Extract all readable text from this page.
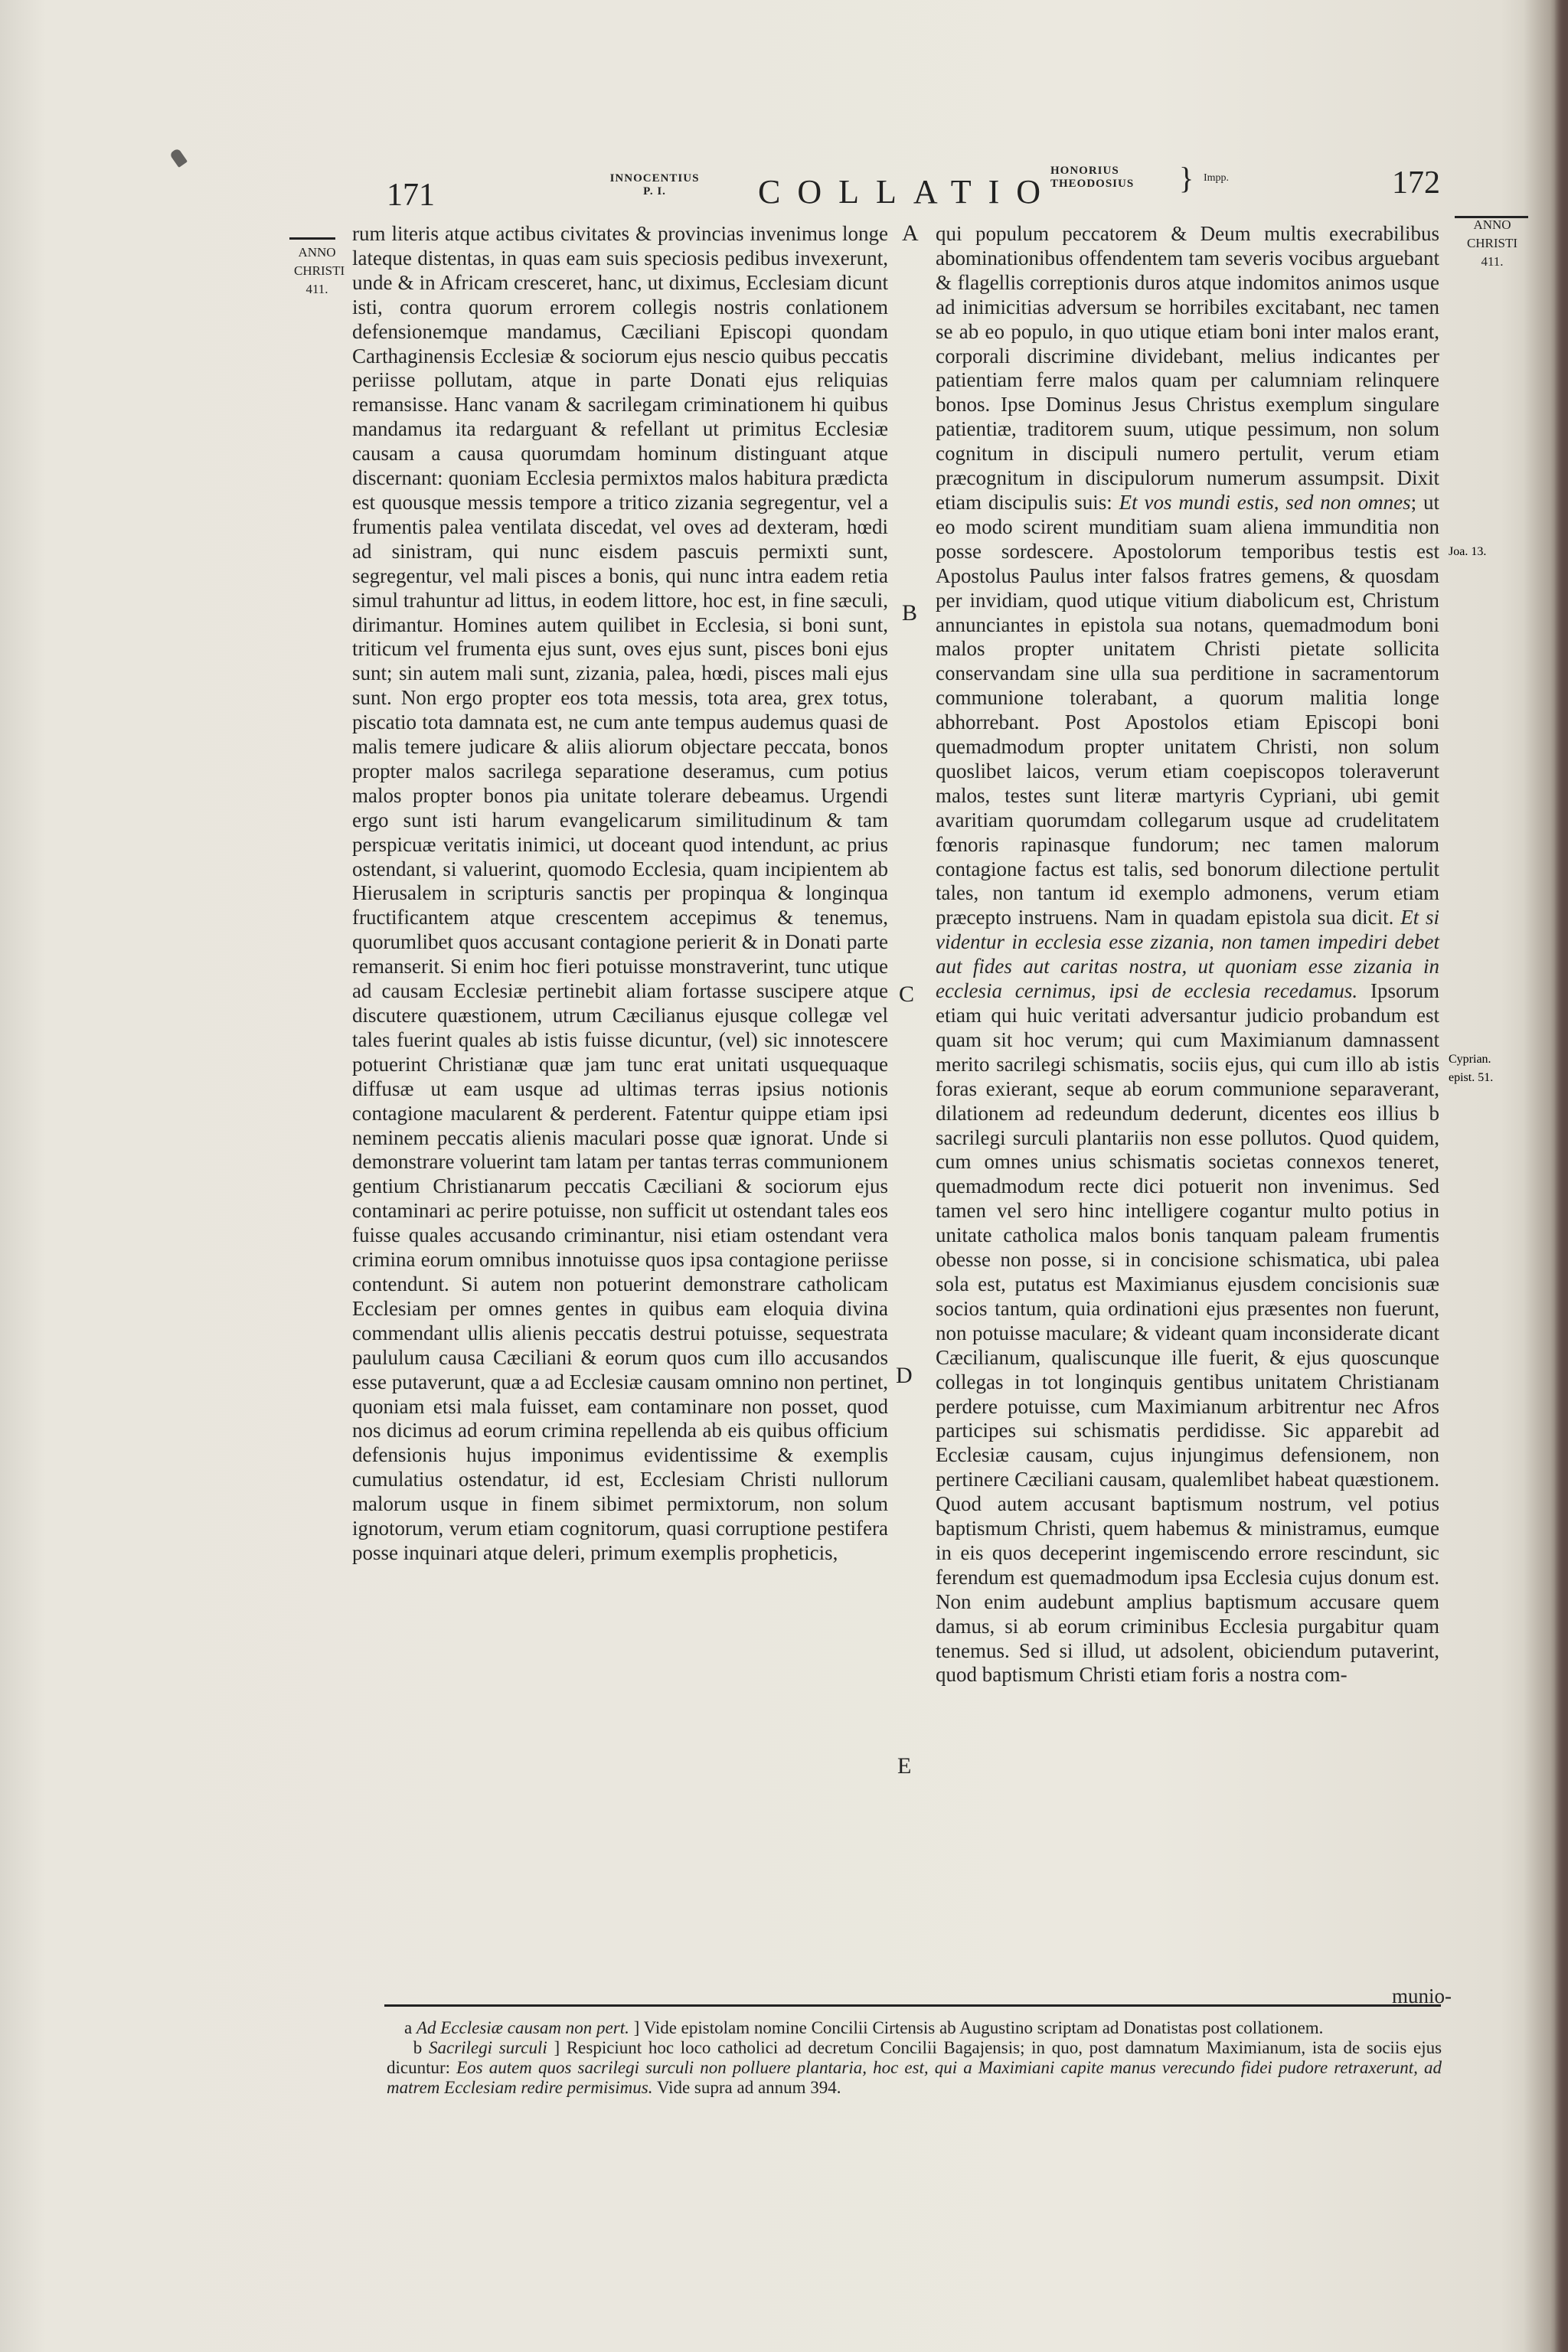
171	INNOCENTIUS
P. I.	COLLATIO
HONORIUS
THEODOSIUS	} Impp.	172
ANNO
CHRISTI
411.
ANNO
CHRISTI
411.
Joa. 13.
Cyprian.
epist. 51.

rum literis atque actibus civitates & provincias invenimus longe lateque distentas, in quas eam suis speciosis pedibus invexerunt, unde & in Africam cresceret, hanc, ut diximus, Ecclesiam dicunt isti, contra quorum errorem collegis nostris conlationem defensionemque mandamus, Cæciliani Episcopi quondam Carthaginensis Ecclesiæ & sociorum ejus nescio quibus peccatis periisse pollutam, atque in parte Donati ejus reliquias remansisse. Hanc vanam & sacrilegam criminationem hi quibus mandamus ita redarguant & refellant ut primitus Ecclesiæ causam a causa quorumdam hominum distinguant atque discernant: quoniam Ecclesia permixtos malos habitura prædicta est quousque messis tempore a tritico zizania segregentur, vel a frumentis palea ventilata discedat, vel oves ad dexteram, hœdi ad sinistram, qui nunc eisdem pascuis permixti sunt, segregentur, vel mali pisces a bonis, qui nunc intra eadem retia simul trahuntur ad littus, in eodem littore, hoc est, in fine sæculi, dirimantur. Homines autem quilibet in Ecclesia, si boni sunt, triticum vel frumenta ejus sunt, oves ejus sunt, pisces boni ejus sunt; sin autem mali sunt, zizania, palea, hœdi, pisces mali ejus sunt. Non ergo propter eos tota messis, tota area, grex totus, piscatio tota damnata est, ne cum ante tempus audemus quasi de malis temere judicare & aliis aliorum objectare peccata, bonos propter malos sacrilega separatione deseramus, cum potius malos propter bonos pia unitate tolerare debeamus. Urgendi ergo sunt isti harum evangelicarum similitudinum & tam perspicuæ veritatis inimici, ut doceant quod intendunt, ac prius ostendant, si valuerint, quomodo Ecclesia, quam incipientem ab Hierusalem in scripturis sanctis per propinqua & longinqua fructificantem atque crescentem accepimus & tenemus, quorumlibet quos accusant contagione perierit & in Donati parte remanserit. Si enim hoc fieri potuisse monstraverint, tunc utique ad causam Ecclesiæ pertinebit aliam fortasse suscipere atque discutere quæstionem, utrum Cæcilianus ejusque collegæ vel tales fuerint quales ab istis fuisse dicuntur, (vel) sic innotescere potuerint Christianæ quæ jam tunc erat unitati usquequaque diffusæ ut eam usque ad ultimas terras ipsius notionis contagione macularent & perderent. Fatentur quippe etiam ipsi neminem peccatis alienis maculari posse quæ ignorat. Unde si demonstrare voluerint tam latam per tantas terras communionem gentium Christianarum peccatis Cæciliani & sociorum ejus contaminari ac perire potuisse, non sufficit ut ostendant tales eos fuisse quales accusando criminantur, nisi etiam ostendant vera crimina eorum omnibus innotuisse quos ipsa contagione periisse contendunt. Si autem non potuerint demonstrare catholicam Ecclesiam per omnes gentes in quibus eam eloquia divina commendant ullis alienis peccatis destrui potuisse, sequestrata paululum causa Cæciliani & eorum quos cum illo accusandos esse putaverunt, quæ a ad Ecclesiæ causam omnino non pertinet, quoniam etsi mala fuisset, eam contaminare non posset, quod nos dicimus ad eorum crimina repellenda ab eis quibus officium defensionis hujus imponimus evidentissime & exemplis cumulatius ostendatur, id est, Ecclesiam Christi nullorum malorum usque in finem sibimet permixtorum, non solum ignotorum, verum etiam cognitorum, quasi corruptione pestifera posse inquinari atque deleri, primum exemplis propheticis,

A
B
C
D
E

qui populum peccatorem & Deum multis execrabilibus abominationibus offendentem tam severis vocibus arguebant & flagellis correptionis duros atque indomitos animos usque ad inimicitias adversum se horribiles excitabant, nec tamen se ab eo populo, in quo utique etiam boni inter malos erant, corporali discrimine dividebant, melius indicantes per patientiam ferre malos quam per calumniam relinquere bonos. Ipse Dominus Jesus Christus exemplum singulare patientiæ, traditorem suum, utique pessimum, non solum cognitum in discipuli numero pertulit, verum etiam præcognitum in discipulorum numerum assumpsit. Dixit etiam discipulis suis: Et vos mundi estis, sed non omnes; ut eo modo scirent munditiam suam aliena immunditia non posse sordescere. Apostolorum temporibus testis est Apostolus Paulus inter falsos fratres gemens, & quosdam per invidiam, quod utique vitium diabolicum est, Christum annunciantes in epistola sua notans, quemadmodum boni malos propter unitatem Christi pietate sollicita conservandam sine ulla sua perditione in sacramentorum communione tolerabant, a quorum malitia longe abhorrebant. Post Apostolos etiam Episcopi boni quemadmodum propter unitatem Christi, non solum quoslibet laicos, verum etiam coepiscopos toleraverunt malos, testes sunt literæ martyris Cypriani, ubi gemit avaritiam quorumdam collegarum usque ad crudelitatem fœnoris rapinasque fundorum; nec tamen malorum contagione factus est talis, sed bonorum dilectione pertulit tales, non tantum id exemplo admonens, verum etiam præcepto instruens. Nam in quadam epistola sua dicit. Et si videntur in ecclesia esse zizania, non tamen impediri debet aut fides aut caritas nostra, ut quoniam esse zizania in ecclesia cernimus, ipsi de ecclesia recedamus. Ipsorum etiam qui huic veritati adversantur judicio probandum est quam sit hoc verum; qui cum Maximianum damnassent merito sacrilegi schismatis, sociis ejus, qui cum illo ab istis foras exierant, seque ab eorum communione separaverant, dilationem ad redeundum dederunt, dicentes eos illius b sacrilegi surculi plantariis non esse pollutos. Quod quidem, cum omnes unius schismatis societas connexos teneret, quemadmodum recte dici potuerit non invenimus. Sed tamen vel sero hinc intelligere cogantur multo potius in unitate catholica malos bonis tanquam paleam frumentis obesse non posse, si in concisione schismatica, ubi palea sola est, putatus est Maximianus ejusdem concisionis suæ socios tantum, quia ordinationi ejus præsentes non fuerunt, non potuisse maculare; & videant quam inconsiderate dicant Cæcilianum, qualiscunque ille fuerit, & ejus quoscunque collegas in tot longinquis gentibus unitatem Christianam perdere potuisse, cum Maximianum arbitrentur nec Afros participes sui schismatis perdidisse. Sic apparebit ad Ecclesiæ causam, cujus injungimus defensionem, non pertinere Cæciliani causam, qualemlibet habeat quæstionem. Quod autem accusant baptismum nostrum, vel potius baptismum Christi, quem habemus & ministramus, eumque in eis quos deceperint ingemiscendo errore rescindunt, sic ferendum est quemadmodum ipsa Ecclesia cujus donum est. Non enim audebunt amplius baptismum accusare quem damus, si ab eorum criminibus Ecclesia purgabitur quam tenemus. Sed si illud, ut adsolent, obiciendum putaverint, quod baptismum Christi etiam foris a nostra com-

munio-

a Ad Ecclesiæ causam non pert. ] Vide epistolam nomine Concilii Cirtensis ab Augustino scriptam ad Donatistas post collationem.

b Sacrilegi surculi ] Respiciunt hoc loco catholici ad decretum Concilii Bagajensis; in quo, post damnatum Maximianum, ista de sociis ejus dicuntur: Eos autem quos sacrilegi surculi non polluere plantaria, hoc est, qui a Maximiani capite manus verecundo fidei pudore retraxerunt, ad matrem Ecclesiam redire permisimus. Vide supra ad annum 394.
